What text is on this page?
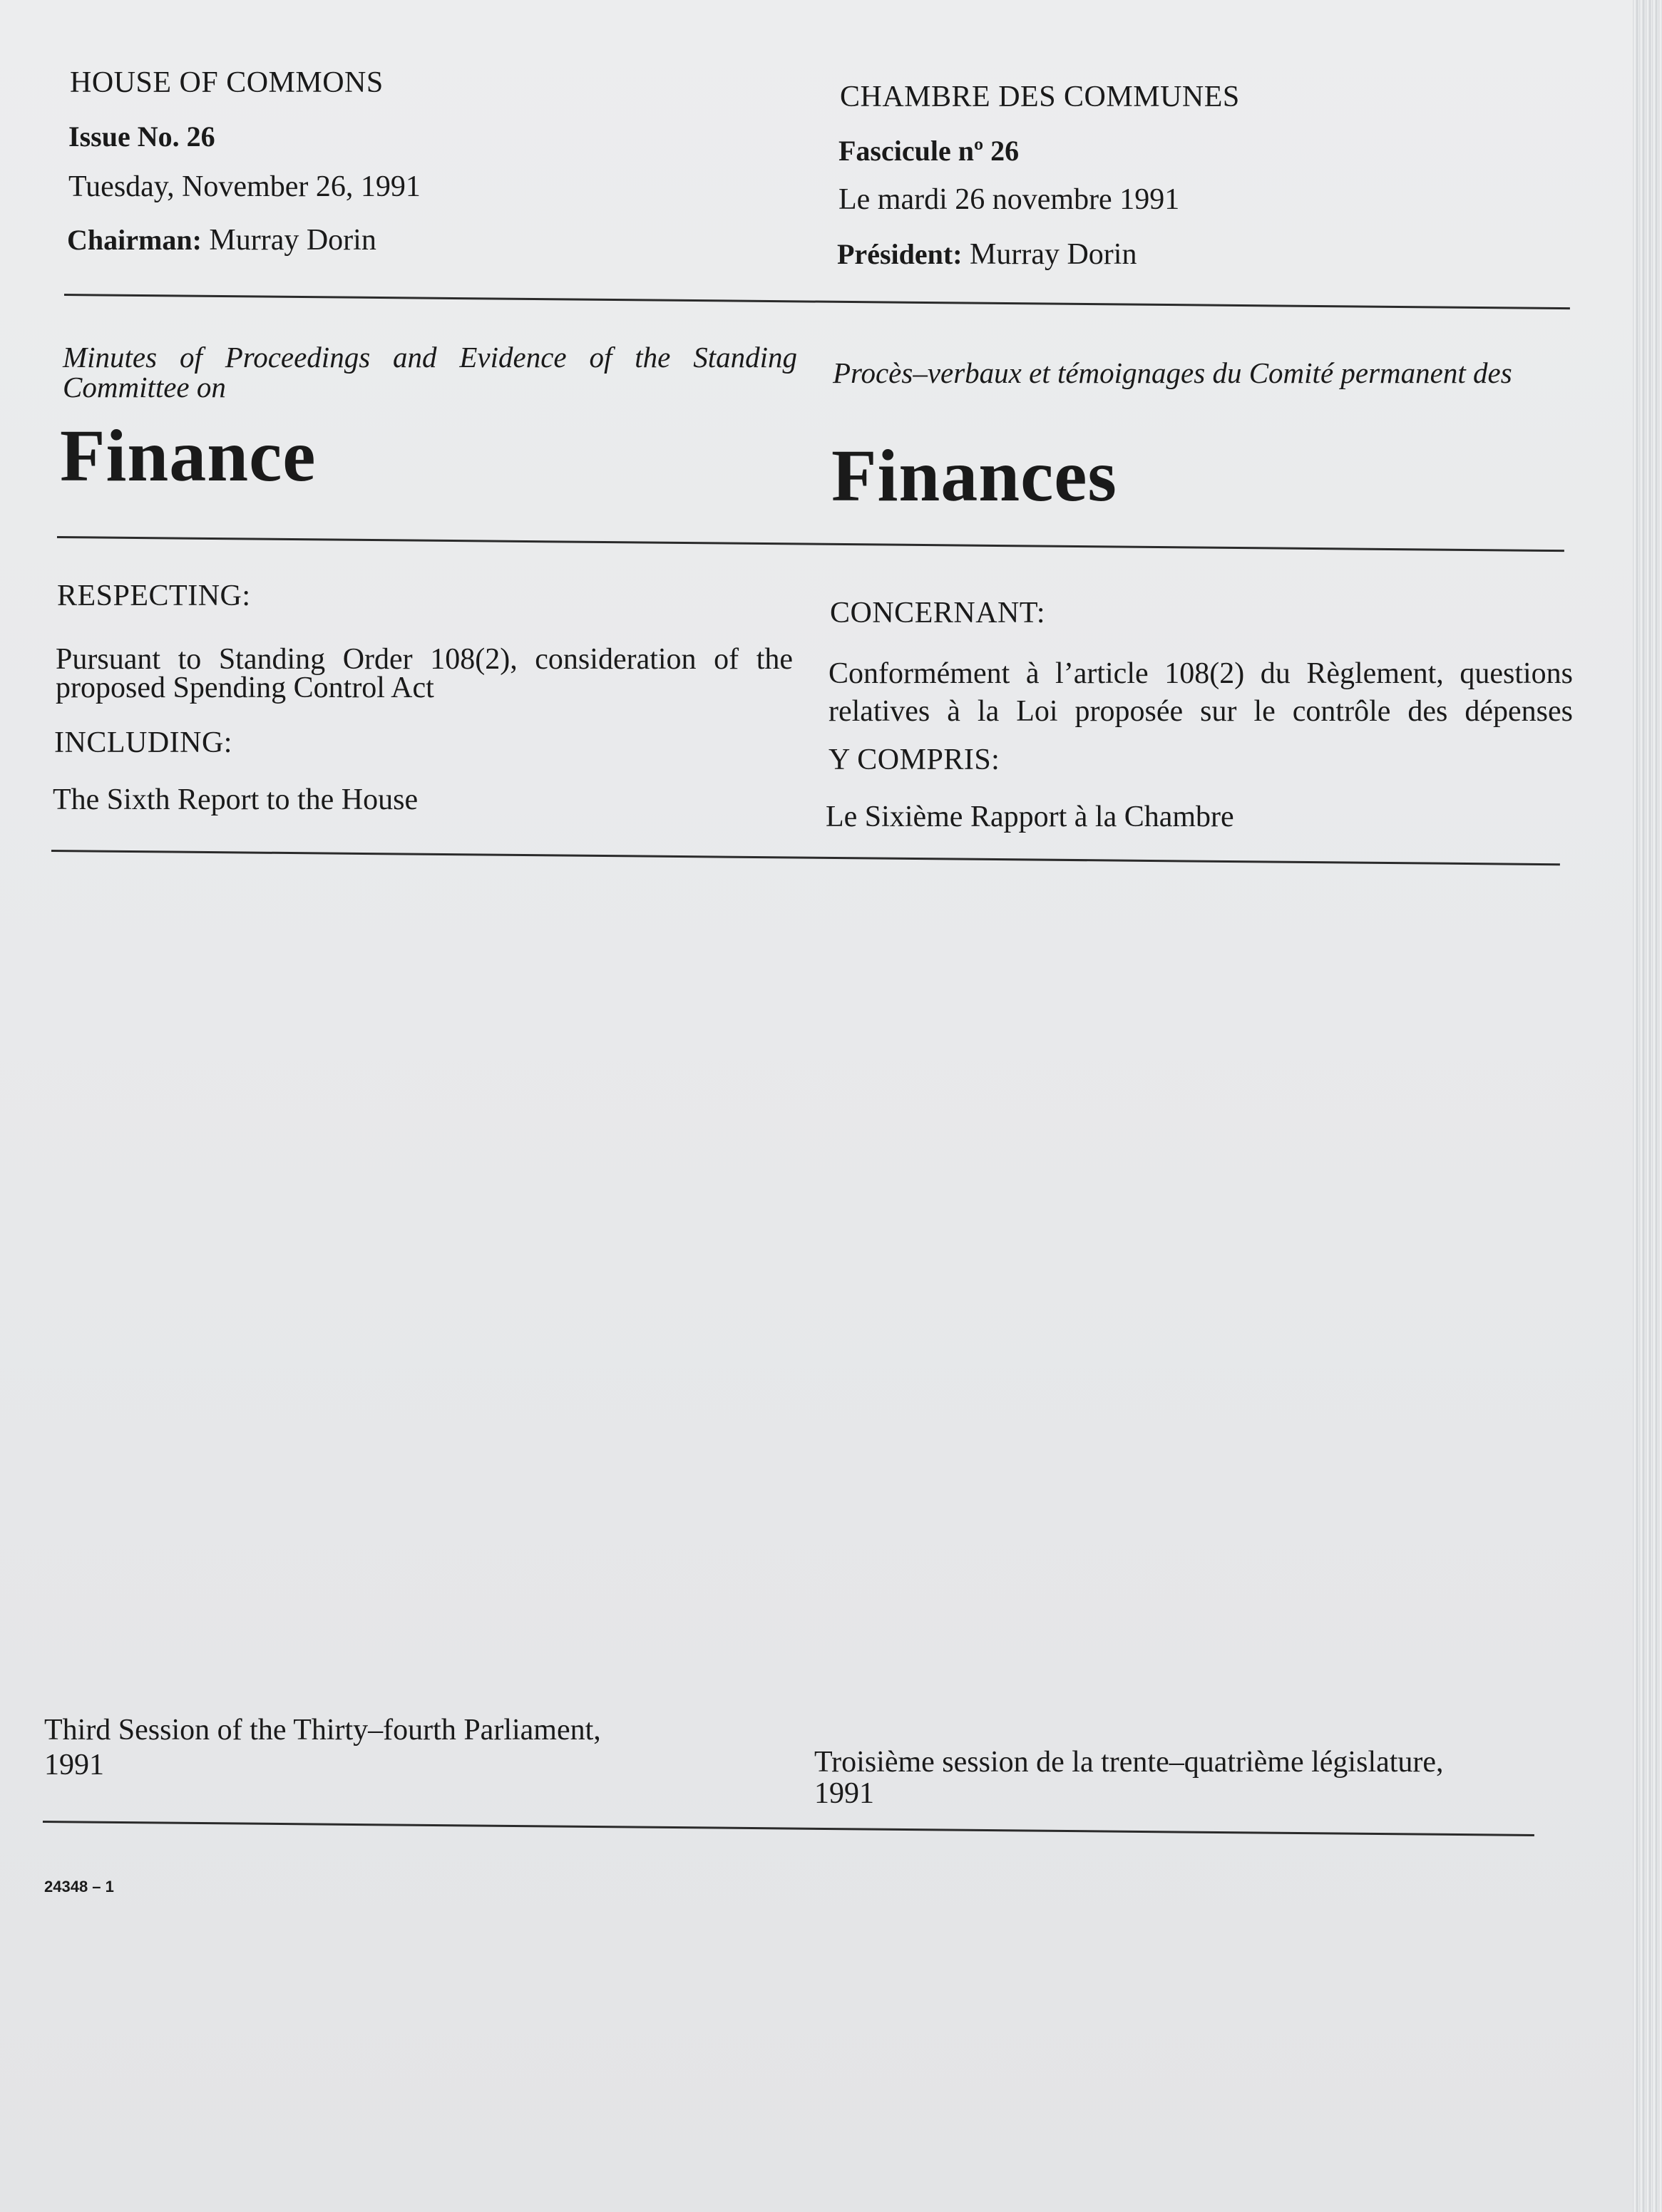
HOUSE OF COMMONS
Issue No. 26
Tuesday, November 26, 1991
Chairman: Murray Dorin
CHAMBRE DES COMMUNES
Fascicule nº 26
Le mardi 26 novembre 1991
Président: Murray Dorin
Minutes of Proceedings and Evidence of the Standing
Committee on
Finance
Procès–verbaux et témoignages du Comité permanent des
Finances
RESPECTING:
Pursuant to Standing Order 108(2), consideration of the
proposed Spending Control Act
INCLUDING:
The Sixth Report to the House
CONCERNANT:
Conformément à l’article 108(2) du Règlement, questions
relatives à la Loi proposée sur le contrôle des dépenses
Y COMPRIS:
Le Sixième Rapport à la Chambre
Third Session of the Thirty–fourth Parliament,
1991	Troisième session de la trente–quatrième législature,
1991
24348 – 1
